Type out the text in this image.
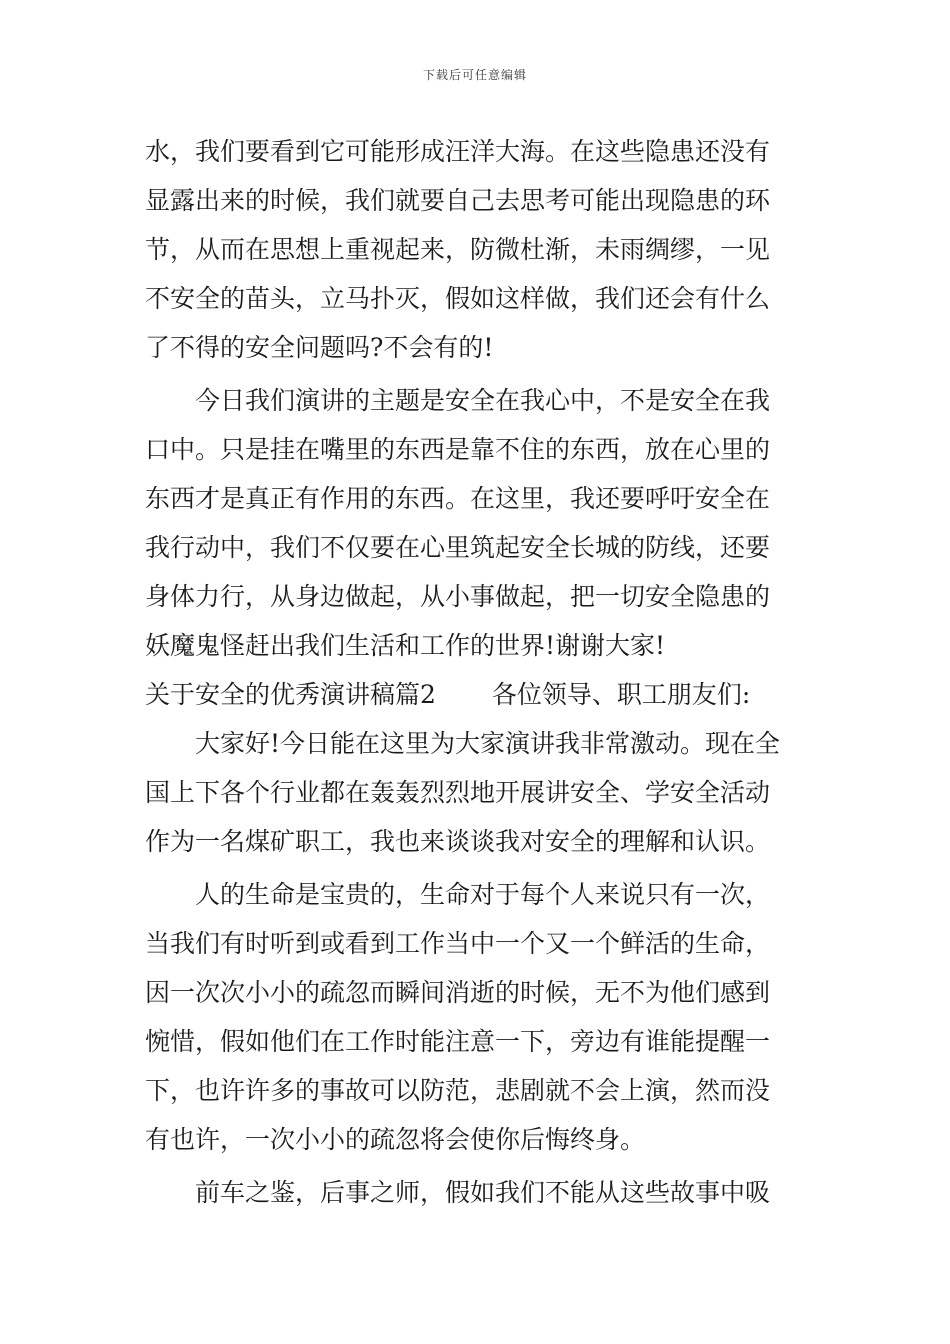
下载后可任意编辑
水，我们要看到它可能形成汪洋大海。在这些隐患还没有
显露出来的时候，我们就要自己去思考可能出现隐患的环
节，从而在思想上重视起来，防微杜渐，未雨绸缪，一见
不安全的苗头，立马扑灭，假如这样做，我们还会有什么
了不得的安全问题吗?不会有的!
　　今日我们演讲的主题是安全在我心中，不是安全在我
口中。只是挂在嘴里的东西是靠不住的东西，放在心里的
东西才是真正有作用的东西。在这里，我还要呼吁安全在
我行动中，我们不仅要在心里筑起安全长城的防线，还要
身体力行，从身边做起，从小事做起，把一切安全隐患的
妖魔鬼怪赶出我们生活和工作的世界!谢谢大家!
关于安全的优秀演讲稿篇2 各位领导、职工朋友们:
　　大家好!今日能在这里为大家演讲我非常激动。现在全
国上下各个行业都在轰轰烈烈地开展讲安全、学安全活动
作为一名煤矿职工，我也来谈谈我对安全的理解和认识。
　　人的生命是宝贵的，生命对于每个人来说只有一次，
当我们有时听到或看到工作当中一个又一个鲜活的生命，
因一次次小小的疏忽而瞬间消逝的时候，无不为他们感到
惋惜，假如他们在工作时能注意一下，旁边有谁能提醒一
下，也许许多的事故可以防范，悲剧就不会上演，然而没
有也许，一次小小的疏忽将会使你后悔终身。
　　前车之鉴，后事之师，假如我们不能从这些故事中吸
